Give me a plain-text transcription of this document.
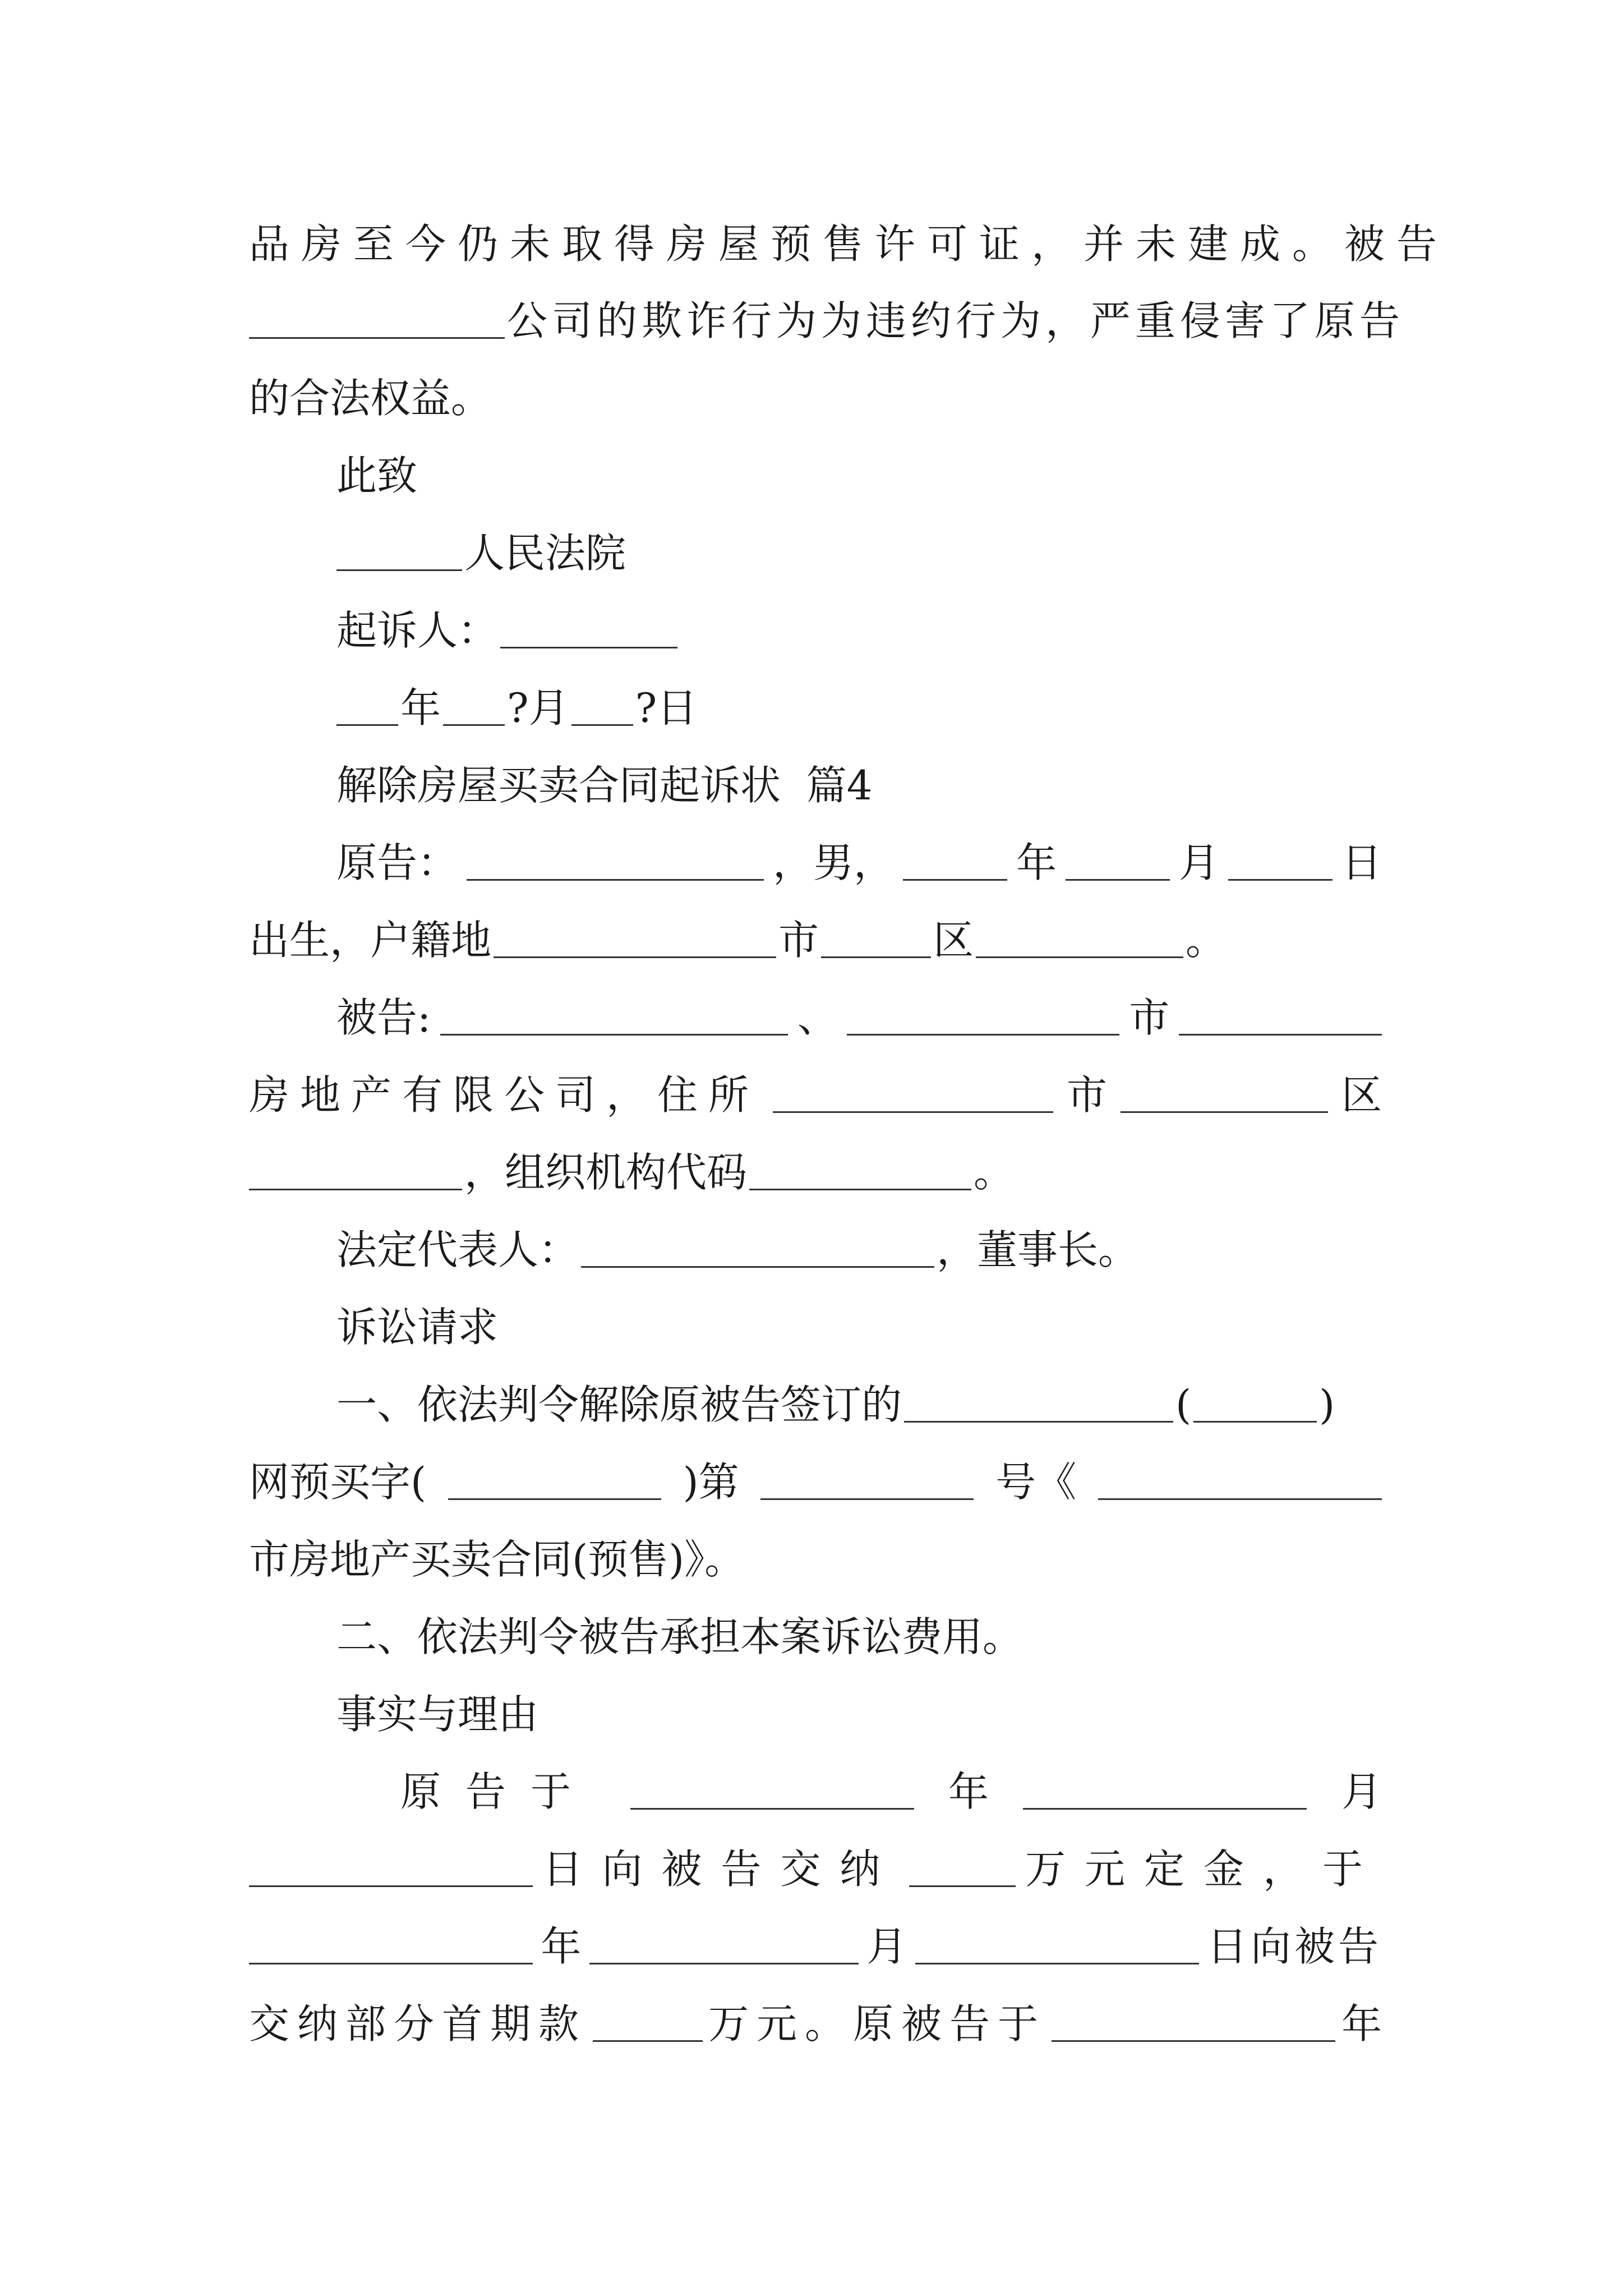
品房至今仍未取得房屋预售许可证，并未建成。被告
公司的欺诈行为为违约行为，严重侵害了原告
的合法权益。
此致
人民法院
起诉人：
年 ?月 ?日
解除房屋买卖合同起诉状  篇4
原告：	，男，	年	月	日
出生，户籍地	市	区	。
被告:	、	市
房地产有限公司，住所	市	区
，组织机构代码	。
法定代表人：	，董事长。
诉讼请求
一、依法判令解除原被告签订的	(	)
网预买字(	)第	号《
市房地产买卖合同(预售)》。
二、依法判令被告承担本案诉讼费用。
事实与理由
原告于	年	月
日向被告交纳	万元定金，于
年	月	日向被告
交纳部分首期款	万元。原被告于	年
